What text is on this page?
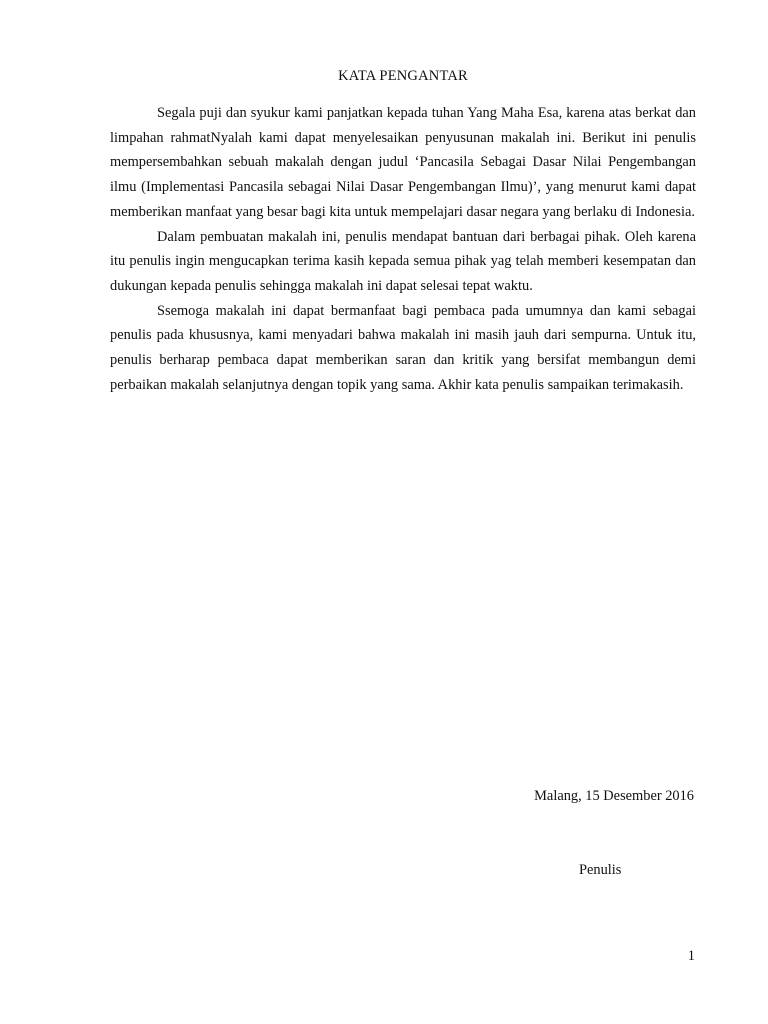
KATA PENGANTAR

Segala puji dan syukur kami panjatkan kepada tuhan Yang Maha Esa, karena atas berkat dan limpahan rahmatNyalah kami dapat menyelesaikan penyusunan makalah ini. Berikut ini penulis mempersembahkan sebuah makalah dengan judul ‘Pancasila Sebagai Dasar Nilai Pengembangan ilmu (Implementasi Pancasila sebagai Nilai Dasar Pengembangan Ilmu)’, yang menurut kami dapat memberikan manfaat yang besar bagi kita untuk mempelajari dasar negara yang berlaku di Indonesia.

Dalam pembuatan makalah ini, penulis mendapat bantuan dari berbagai pihak. Oleh karena itu penulis ingin mengucapkan terima kasih kepada semua pihak yag telah memberi kesempatan dan dukungan kepada penulis sehingga makalah ini dapat selesai tepat waktu.

Ssemoga makalah ini dapat bermanfaat bagi pembaca pada umumnya dan kami sebagai penulis pada khususnya, kami menyadari bahwa makalah ini masih jauh dari sempurna. Untuk itu, penulis berharap pembaca dapat memberikan saran dan kritik yang bersifat membangun demi perbaikan makalah selanjutnya dengan topik yang sama. Akhir kata penulis sampaikan terimakasih.

Malang, 15 Desember 2016
Penulis
1
